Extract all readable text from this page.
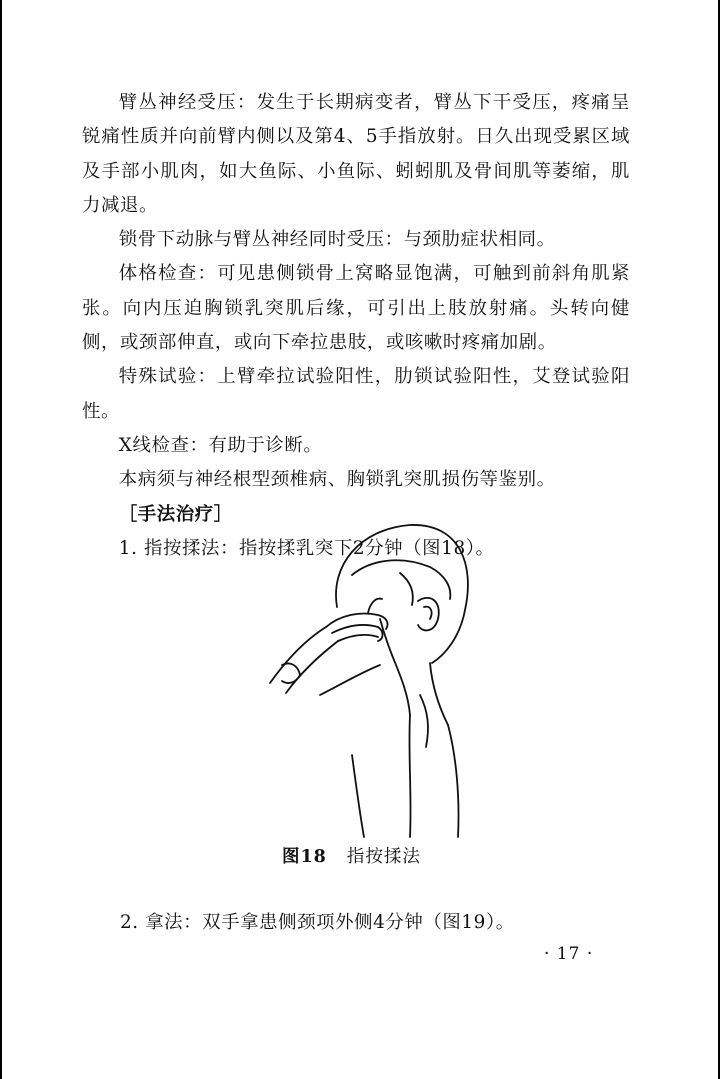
臂丛神经受压：发生于长期病变者，臂丛下干受压，疼痛呈锐痛性质并向前臂内侧以及第4、5手指放射。日久出现受累区域及手部小肌肉，如大鱼际、小鱼际、蚓蚓肌及骨间肌等萎缩，肌力减退。

锁骨下动脉与臂丛神经同时受压：与颈肋症状相同。

体格检查：可见患侧锁骨上窝略显饱满，可触到前斜角肌紧张。向内压迫胸锁乳突肌后缘，可引出上肢放射痛。头转向健侧，或颈部伸直，或向下牵拉患肢，或咳嗽时疼痛加剧。

特殊试验：上臂牵拉试验阳性，肋锁试验阳性，艾登试验阳性。

X线检查：有助于诊断。

本病须与神经根型颈椎病、胸锁乳突肌损伤等鉴别。

［手法治疗］

1. 指按揉法：指按揉乳突下2分钟（图18）。

图18 指按揉法

2. 拿法：双手拿患侧颈项外侧4分钟（图19）。

· 17 ·
